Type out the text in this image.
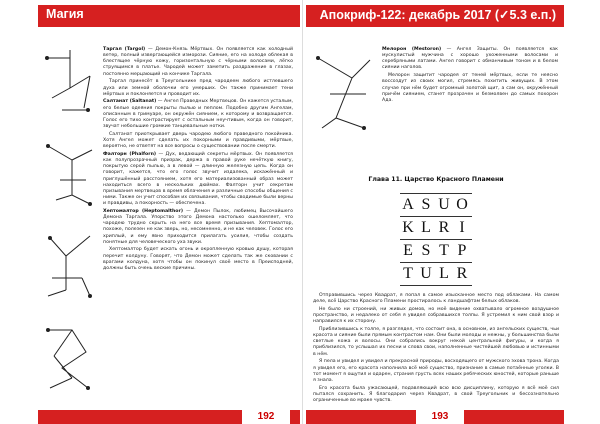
Магия	Апокриф-122: декабрь 2017 (✓5.3 е.п.)

Таргал (Targol) — Демон-Князь Мёртвых. Он появляется как холодный ветер, полный извергающейся изморози. Сияние, его на холоде облекая в блестящее чёрную кожу, горизонтальную с чёрными волосами, лёгко струящимся в платье. Чародей может заметить раздражение в глазах, постоянно мерцающий на кончике Таргала.

Таргал принесёт в Треугольнике пред чародеем любого истлевшего духа или земной оболочки его умерших. Он также принимает тени мёртвых и поклоняется и проводит их.

Салтанат (Saltanat) — Ангел Праведных Мертвецов. Он кажется усталым, его белые одеяния покрыты пылью и пеплом. Подобно другим Ангелам, описанным в гримуаре, он окружён сиянием, к которому и возвращается. Голос его тихо контрастирует с остальным неучтивым, когда он говорит, звучат небольшие громкие танцевальные нотки.

Салтанат приоткрывает дверь чародею любого праведного покойника. Хотя Ангел может сделать их покорными и правдивыми, мёртвые, вероятно, не ответят на все вопросы о существовании после смерти.

Фалторн (Phalforn) — Дух, ведающий секреты мёртвых. Он появляется как полупрозрачный призрак, держа в правой руке нечёткую книгу, покрытую серой пылью, а в левой — длинную железную цепь. Когда он говорит, кажется, что его голос звучит издалека, искажённый и приглушённый расстоянием, хотя его материализованный образ может находиться всего в нескольких дюймах. Фалторн учит секретам призывания мертвецов в время облачения и различные способы общения с ними. Также он учит способам их связывания, чтобы сводимые были верны и правдивы, а покорность — обеспечена.

Хептомалтор (Heptomalthor) — Демон Пылок, любимец Высочайшего Демона Таргала. Упорство этого Демона настолько ошеломляет, что чародею трудно скрыть на него все время призывания. Хептомалтор, похоже, полезен не как зверь, но, несомненно, и не как человек. Голос его хриплый, и ему явно приходится прилагать усилия, чтобы создать понятные для человеческого уха звуки.

Хептомалтор будет искать огонь и окропленную кровью душу, которая перечит колдуну. Говорят, что Демон может сделать так же сковании с врагами колдуна, хотя чтобы он покинул своё место в Преисподней, должны быть очень веские причины.

Мелорон (Mestoron) — Ангел Защиты. Он появляется как мускулистый мужчина с хорошо ухоженными волосами и серебряными латами. Ангел говорит с обманчивым тоном и в белом сиянии наголов.

Мелорон защитит чародея от теней мёртвых, если те неясно воссоздут из своих могил, стремясь похитить живущих. В этом случае при нём будет огромный золотой щит, а сам он, окружённый причём сиянием, станет прозрачен и безмолвен до самых похорон Ада.

Глава 11. Царство Красного Пламени
A S U O
K L R I
E S T P
T U L R

Отправившись через Квадрат, я попал в самое изысканное место под облаками. На самом деле, всё Царство Красного Пламени простиралось к ландшафтам белых облаков.

Не было ни строений, ни живых домов, но моё видение охватывало огромное воздушное пространство, и недалеко от себя я увидел собравшихся толпы. Я устремил к ним свой взор и направился к их сторону.

Приблизившись к толпе, я разглядел, что состоит она, в основном, из ангельских существ, чьи красота и сияние были прямым контрастом нам. Они были молоды и нежны, у большинства были светлые кожа и волосы. Они собрались вокруг некой центральной фигуры, и когда я приблизился, то услышал их песни и слова свои, наполненные чистейшей любовью и истинными в нём.

Я пела и увидел и увидел и прекрасной природы, восходящего от мужского эхова трона. Когда я увидел его, его красота наполнила всё моё существо, признание в самые потаённые уголки. В тот момент я ощутил и одарен, страния грусть всех наших ребяческих юностей, которые раньше я знала.

Его красота была ужасающей, подавляющий всю всю дисциплину, которую я всё моё сил пытался сохранить. Я благодарил через Квадрат, в свой Треугольник и бессознательно ограниченные во мраке чувств.

192	193
